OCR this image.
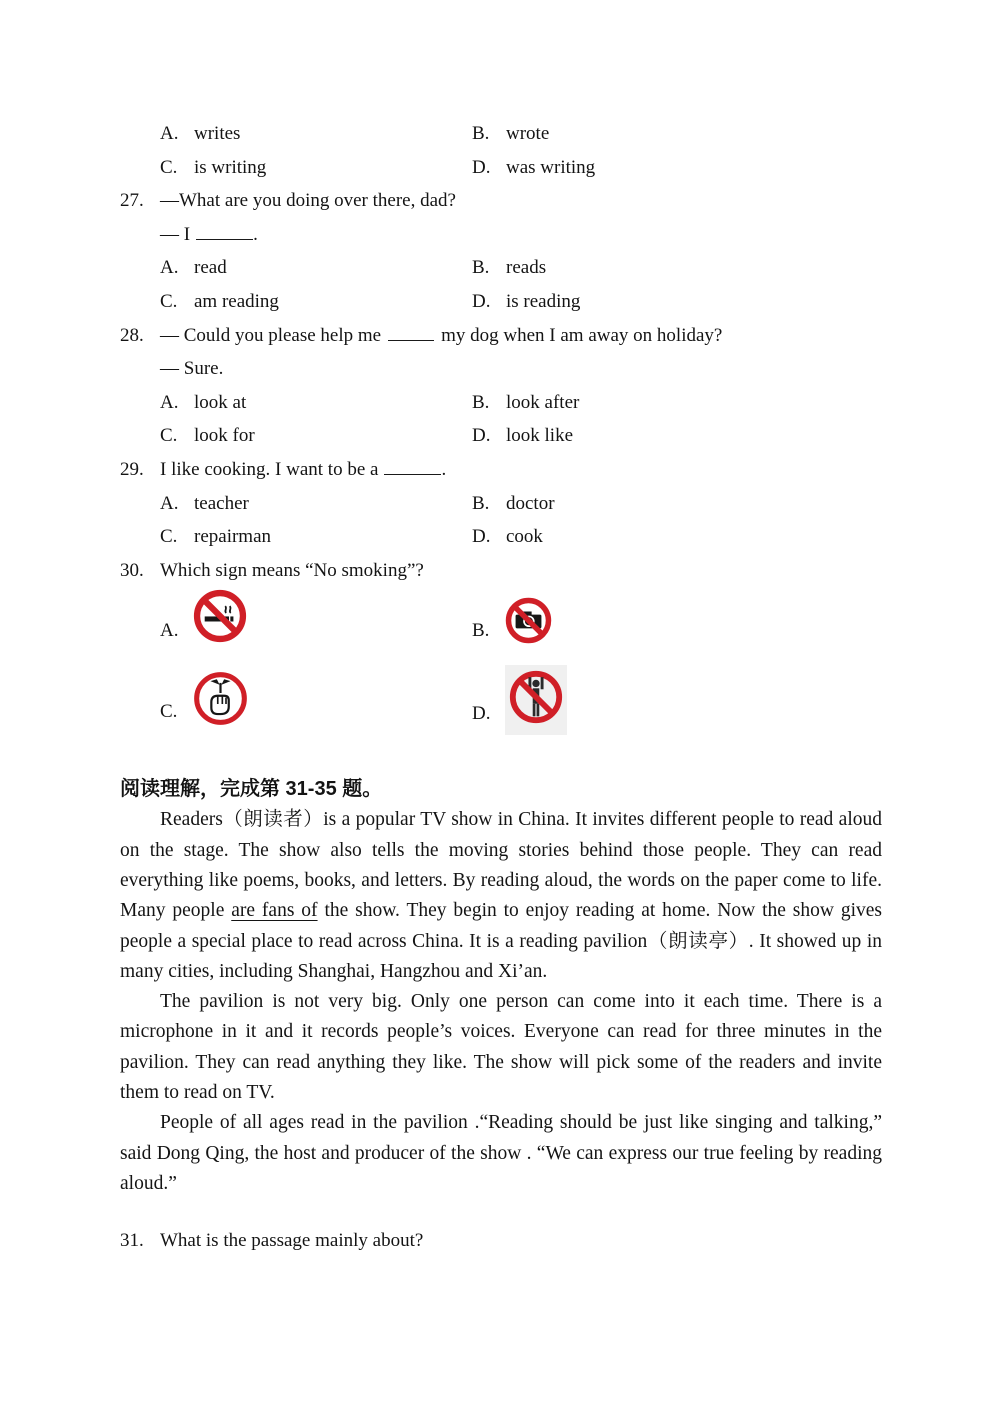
A. writes	B. wrote
C. is writing	D. was writing
27. —What are you doing over there, dad?
— I	.
A. read	B. reads
C. am reading	D. is reading
28. — Could you please help me	my dog when I am away on holiday?
— Sure.
A. look at	B. look after
C. look for	D. look like
29. I like cooking. I want to be a	.
A. teacher	B. doctor
C. repairman	D. cook
30. Which sign means “No smoking”?
A.	B.
C.	D.
阅读理解，完成第 31-35 题。

Readers（朗读者）is a popular TV show in China. It invites different people to read aloud on the stage. The show also tells the moving stories behind those people. They can read everything like poems, books, and letters. By reading aloud, the words on the paper come to life. Many people are fans of the show. They begin to enjoy reading at home. Now the show gives people a special place to read across China. It is a reading pavilion（朗读亭）. It showed up in many cities, including Shanghai, Hangzhou and Xi’an.

The pavilion is not very big. Only one person can come into it each time. There is a microphone in it and it records people’s voices. Everyone can read for three minutes in the pavilion. They can read anything they like. The show will pick some of the readers and invite them to read on TV.

People of all ages read in the pavilion .“Reading should be just like singing and talking,” said Dong Qing, the host and producer of the show . “We can express our true feeling by reading aloud.”

31. What is the passage mainly about?
